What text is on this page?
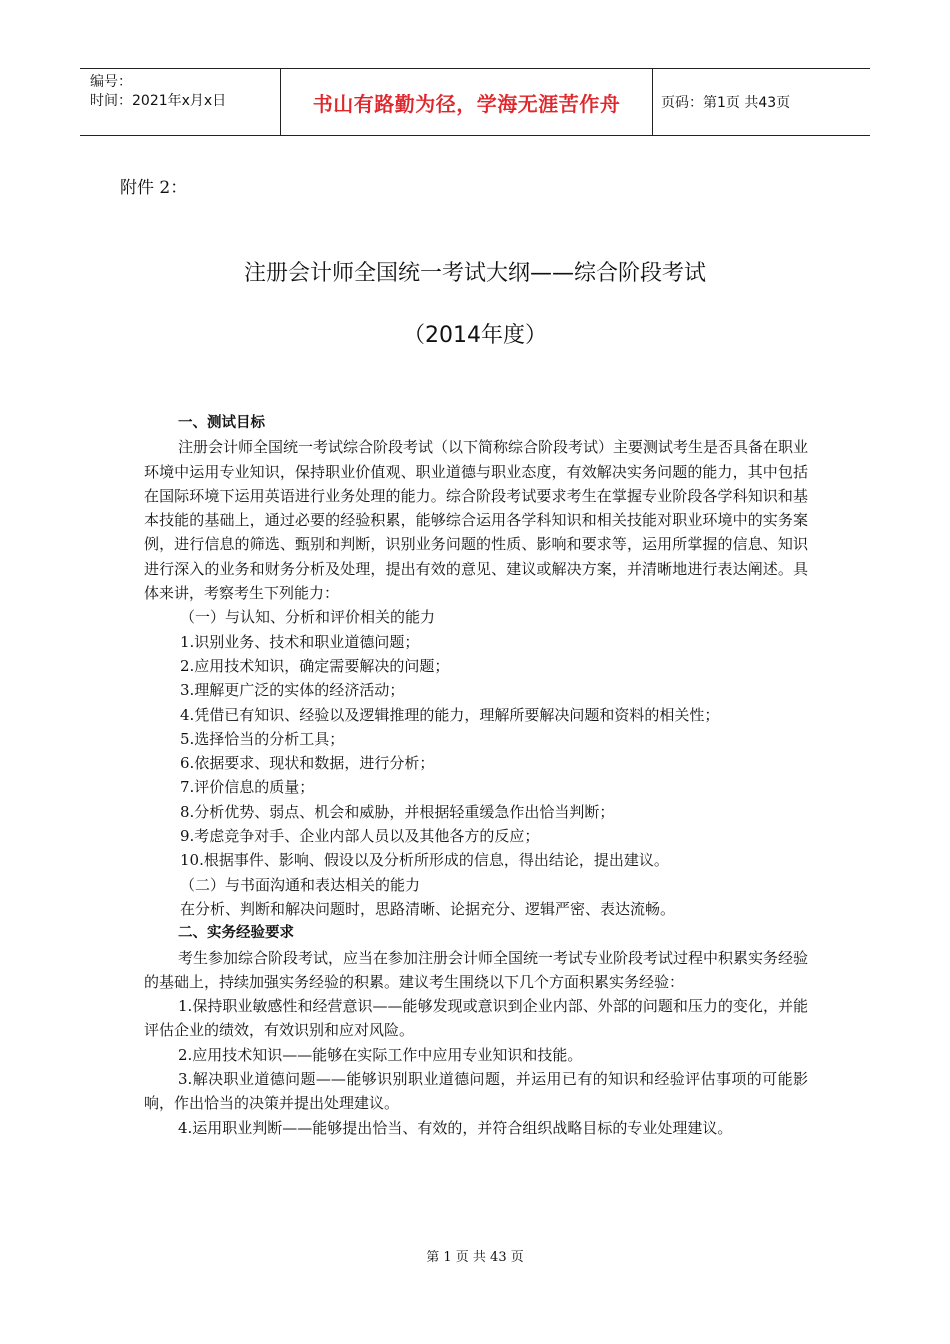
编号：
时间：2021年x月x日	书山有路勤为径，学海无涯苦作舟	页码：第1页 共43页
附件 2：
注册会计师全国统一考试大纲——综合阶段考试
（2014年度）

一、测试目标

注册会计师全国统一考试综合阶段考试（以下简称综合阶段考试）主要测试考生是否具备在职业环境中运用专业知识，保持职业价值观、职业道德与职业态度，有效解决实务问题的能力，其中包括在国际环境下运用英语进行业务处理的能力。综合阶段考试要求考生在掌握专业阶段各学科知识和基本技能的基础上，通过必要的经验积累，能够综合运用各学科知识和相关技能对职业环境中的实务案例，进行信息的筛选、甄别和判断，识别业务问题的性质、影响和要求等，运用所掌握的信息、知识进行深入的业务和财务分析及处理，提出有效的意见、建议或解决方案，并清晰地进行表达阐述。具体来讲，考察考生下列能力：

（一）与认知、分析和评价相关的能力

1.识别业务、技术和职业道德问题；

2.应用技术知识，确定需要解决的问题；

3.理解更广泛的实体的经济活动；

4.凭借已有知识、经验以及逻辑推理的能力，理解所要解决问题和资料的相关性；

5.选择恰当的分析工具；

6.依据要求、现状和数据，进行分析；

7.评价信息的质量；

8.分析优势、弱点、机会和威胁，并根据轻重缓急作出恰当判断；

9.考虑竞争对手、企业内部人员以及其他各方的反应；

10.根据事件、影响、假设以及分析所形成的信息，得出结论，提出建议。

（二）与书面沟通和表达相关的能力

在分析、判断和解决问题时，思路清晰、论据充分、逻辑严密、表达流畅。

二、实务经验要求

考生参加综合阶段考试，应当在参加注册会计师全国统一考试专业阶段考试过程中积累实务经验的基础上，持续加强实务经验的积累。建议考生围绕以下几个方面积累实务经验：

1.保持职业敏感性和经营意识——能够发现或意识到企业内部、外部的问题和压力的变化，并能评估企业的绩效，有效识别和应对风险。

2.应用技术知识——能够在实际工作中应用专业知识和技能。

3.解决职业道德问题——能够识别职业道德问题，并运用已有的知识和经验评估事项的可能影响，作出恰当的决策并提出处理建议。

4.运用职业判断——能够提出恰当、有效的，并符合组织战略目标的专业处理建议。

第 1 页 共 43 页
